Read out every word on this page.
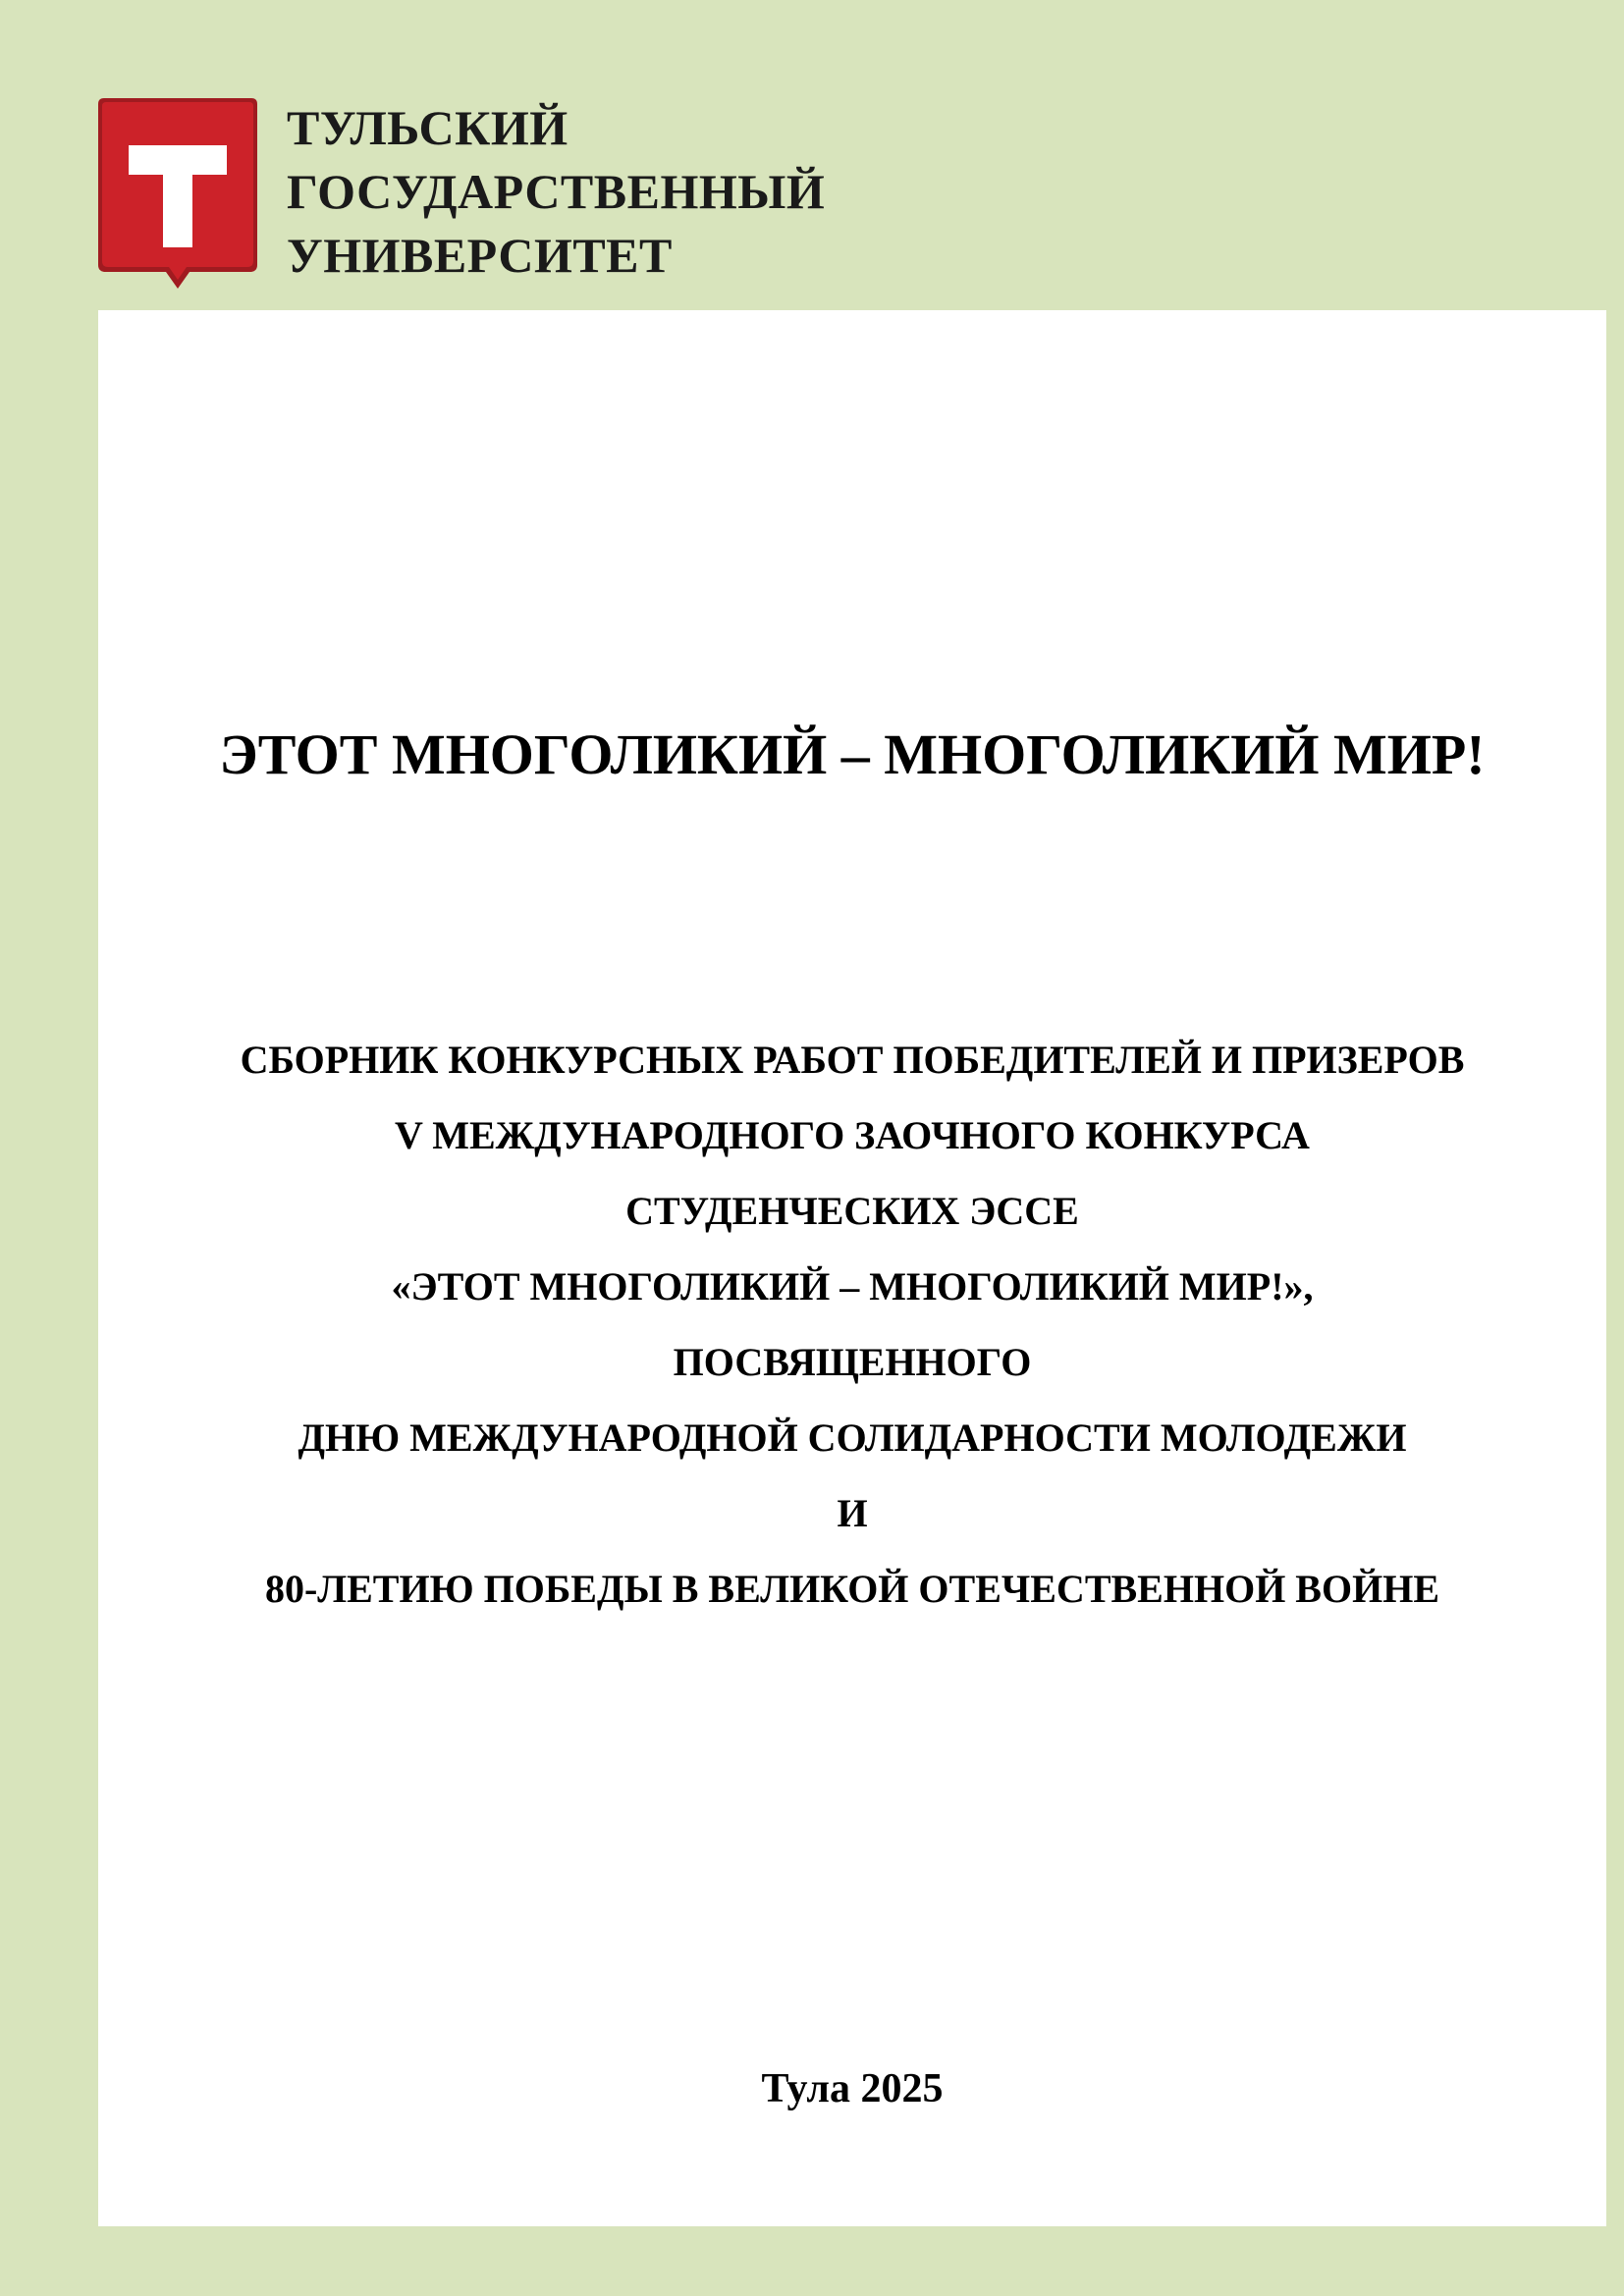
ТУЛЬСКИЙ
ГОСУДАРСТВЕННЫЙ
УНИВЕРСИТЕТ
ЭТОТ МНОГОЛИКИЙ – МНОГОЛИКИЙ МИР!
СБОРНИК КОНКУРСНЫХ РАБОТ ПОБЕДИТЕЛЕЙ И ПРИЗЕРОВ
V МЕЖДУНАРОДНОГО ЗАОЧНОГО КОНКУРСА
СТУДЕНЧЕСКИХ ЭССЕ
«ЭТОТ МНОГОЛИКИЙ – МНОГОЛИКИЙ МИР!»,
ПОСВЯЩЕННОГО
ДНЮ МЕЖДУНАРОДНОЙ СОЛИДАРНОСТИ МОЛОДЕЖИ
И
80-ЛЕТИЮ ПОБЕДЫ В ВЕЛИКОЙ ОТЕЧЕСТВЕННОЙ ВОЙНЕ
Тула 2025
